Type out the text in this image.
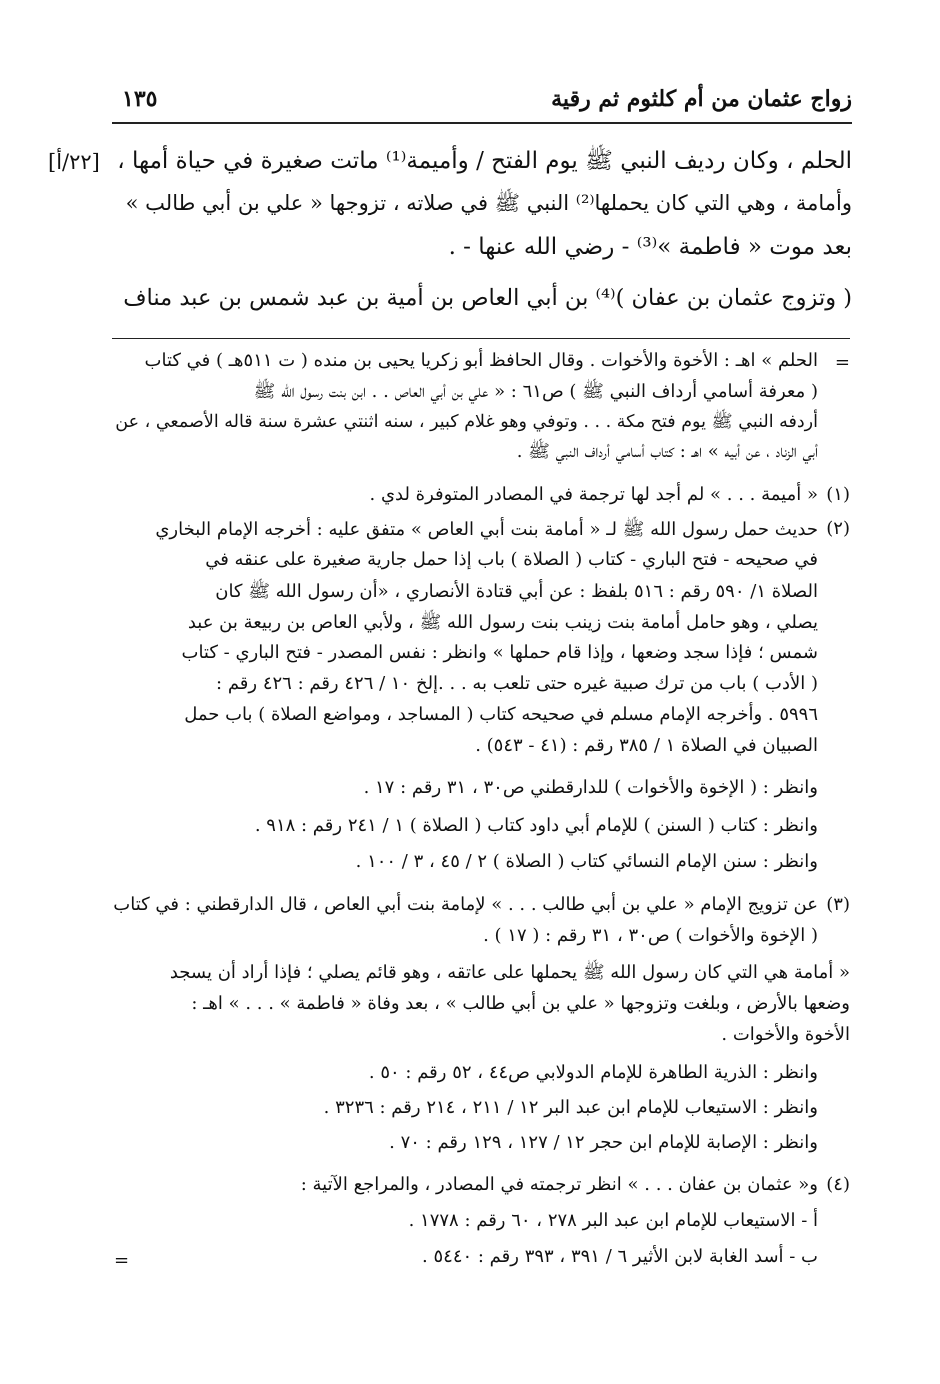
زواج عثمان من أم كلثوم ثم رقية
١٣٥
[٢٢/أ] الحلم ، وكان رديف النبي ﷺ يوم الفتح / وأميمة⁽¹⁾ ماتت صغيرة في حياة أمها ،
وأمامة ، وهي التي كان يحملها⁽²⁾ النبي ﷺ في صلاته ، تزوجها « علي بن أبي طالب »
بعد موت « فاطمة »⁽³⁾ - رضي الله عنها - .
( وتزوج عثمان بن عفان )⁽⁴⁾ بن أبي العاص بن أمية بن عبد شمس بن عبد مناف
=
الحلم » اهـ : الأخوة والأخوات . وقال الحافظ أبو زكريا يحيى بن منده ( ت ٥١١هـ ) في كتاب
( معرفة أسامي أرداف النبي ﷺ ) ص٦١ : « علي بن أبي العاص . . ابن بنت رسول الله ﷺ
أردفه النبي ﷺ يوم فتح مكة . . . وتوفي وهو غلام كبير ، سنه اثنتي عشرة سنة قاله الأصمعي ، عن
أبي الزناد ، عن أبيه » اهـ : كتاب أسامي أرداف النبي ﷺ .
(١)
« أميمة . . . » لم أجد لها ترجمة في المصادر المتوفرة لدي .
(٢)
حديث حمل رسول الله ﷺ لـ « أمامة بنت أبي العاص » متفق عليه : أخرجه الإمام البخاري
في صحيحه - فتح الباري - كتاب ( الصلاة ) باب إذا حمل جارية صغيرة على عنقه في
الصلاة ١/ ٥٩٠ رقم : ٥١٦ بلفظ : عن أبي قتادة الأنصاري ، «أن رسول الله ﷺ كان
يصلي ، وهو حامل أمامة بنت زينب بنت رسول الله ﷺ ، ولأبي العاص بن ربيعة بن عبد
شمس ؛ فإذا سجد وضعها ، وإذا قام حملها » وانظر : نفس المصدر - فتح الباري - كتاب
( الأدب ) باب من ترك صبية غيره حتى تلعب به . . .إلخ ١٠ / ٤٢٦ رقم : ٤٢٦ رقم :
٥٩٩٦ . وأخرجه الإمام مسلم في صحيحه كتاب ( المساجد ، ومواضع الصلاة ) باب حمل
الصبيان في الصلاة ١ / ٣٨٥ رقم : (٤١ - ٥٤٣) .
وانظر : ( الإخوة والأخوات ) للدارقطني ص٣٠ ، ٣١ رقم : ١٧ .
وانظر : كتاب ( السنن ) للإمام أبي داود كتاب ( الصلاة ) ١ / ٢٤١ رقم : ٩١٨ .
وانظر : سنن الإمام النسائي كتاب ( الصلاة ) ٢ / ٤٥ ، ٣ / ١٠٠ .
(٣)
عن تزويج الإمام « علي بن أبي طالب . . . » لإمامة بنت أبي العاص ، قال الدارقطني : في كتاب
( الإخوة والأخوات ) ص٣٠ ، ٣١ رقم : ( ١٧ ) .
« أمامة هي التي كان رسول الله ﷺ يحملها على عاتقه ، وهو قائم يصلي ؛ فإذا أراد أن يسجد
وضعها بالأرض ، وبلغت وتزوجها « علي بن أبي طالب » ، بعد وفاة « فاطمة » . . . » اهـ :
الأخوة والأخوات .
وانظر : الذرية الطاهرة للإمام الدولابي ص٤٤ ، ٥٢ رقم : ٥٠ .
وانظر : الاستيعاب للإمام ابن عبد البر ١٢ / ٢١١ ، ٢١٤ رقم : ٣٢٣٦ .
وانظر : الإصابة للإمام ابن حجر ١٢ / ١٢٧ ، ١٢٩ رقم : ٧٠ .
(٤)
و« عثمان بن عفان . . . » انظر ترجمته في المصادر ، والمراجع الآتية :
أ - الاستيعاب للإمام ابن عبد البر ٢٧٨ ، ٦٠ رقم : ١٧٧٨ .
ب - أسد الغابة لابن الأثير ٦ / ٣٩١ ، ٣٩٣ رقم : ٥٤٤٠ .
=
